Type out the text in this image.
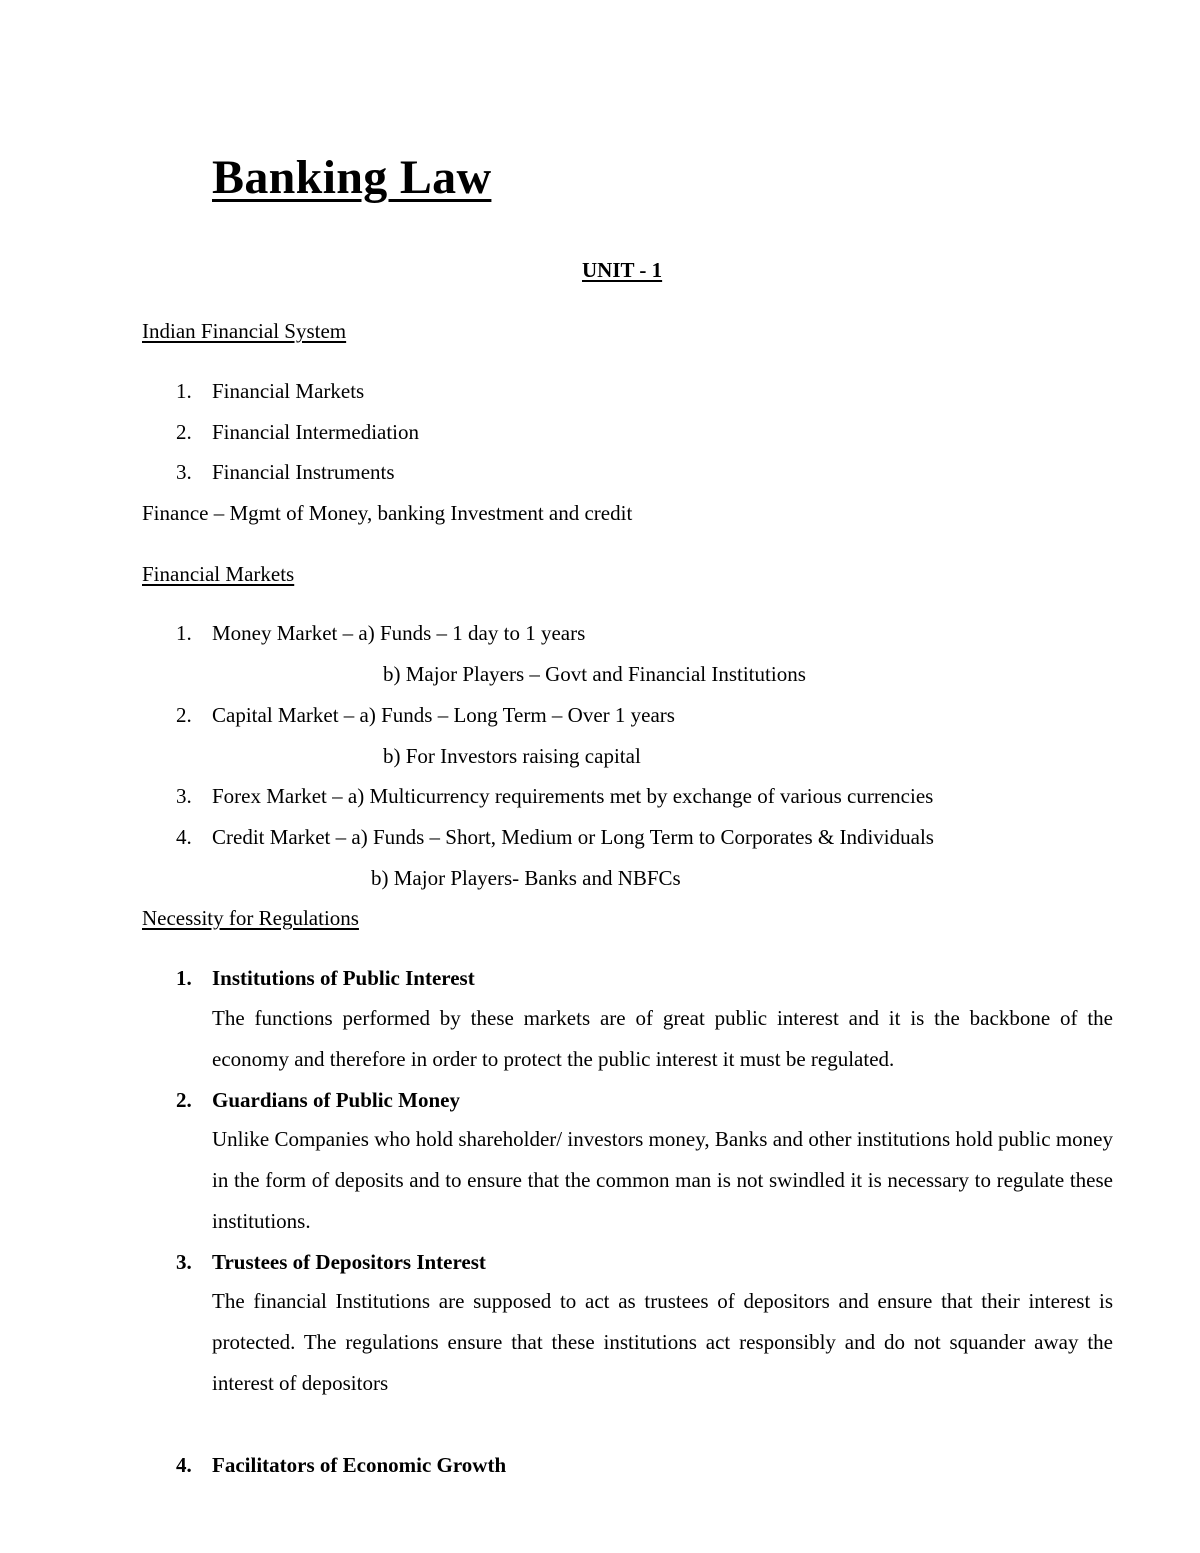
Banking Law
UNIT - 1
Indian Financial System
1. Financial Markets
2. Financial Intermediation
3. Financial Instruments
Finance – Mgmt of Money, banking Investment and credit
Financial Markets
1. Money Market – a) Funds – 1 day to 1 years
b) Major Players – Govt and Financial Institutions
2. Capital Market – a) Funds – Long Term – Over 1 years
b) For Investors raising capital
3. Forex Market – a) Multicurrency requirements met by exchange of various currencies
4. Credit Market – a) Funds – Short, Medium or Long Term to Corporates & Individuals
b) Major Players- Banks and NBFCs
Necessity for Regulations
1. Institutions of Public Interest
The functions performed by these markets are of great public interest and it is the backbone of the economy and therefore in order to protect the public interest it must be regulated.
2. Guardians of Public Money
Unlike Companies who hold shareholder/ investors money, Banks and other institutions hold public money in the form of deposits and to ensure that the common man is not swindled it is necessary to regulate these institutions.
3. Trustees of Depositors Interest
The financial Institutions are supposed to act as trustees of depositors and ensure that their interest is protected. The regulations ensure that these institutions act responsibly and do not squander away the interest of depositors
4. Facilitators of Economic Growth
